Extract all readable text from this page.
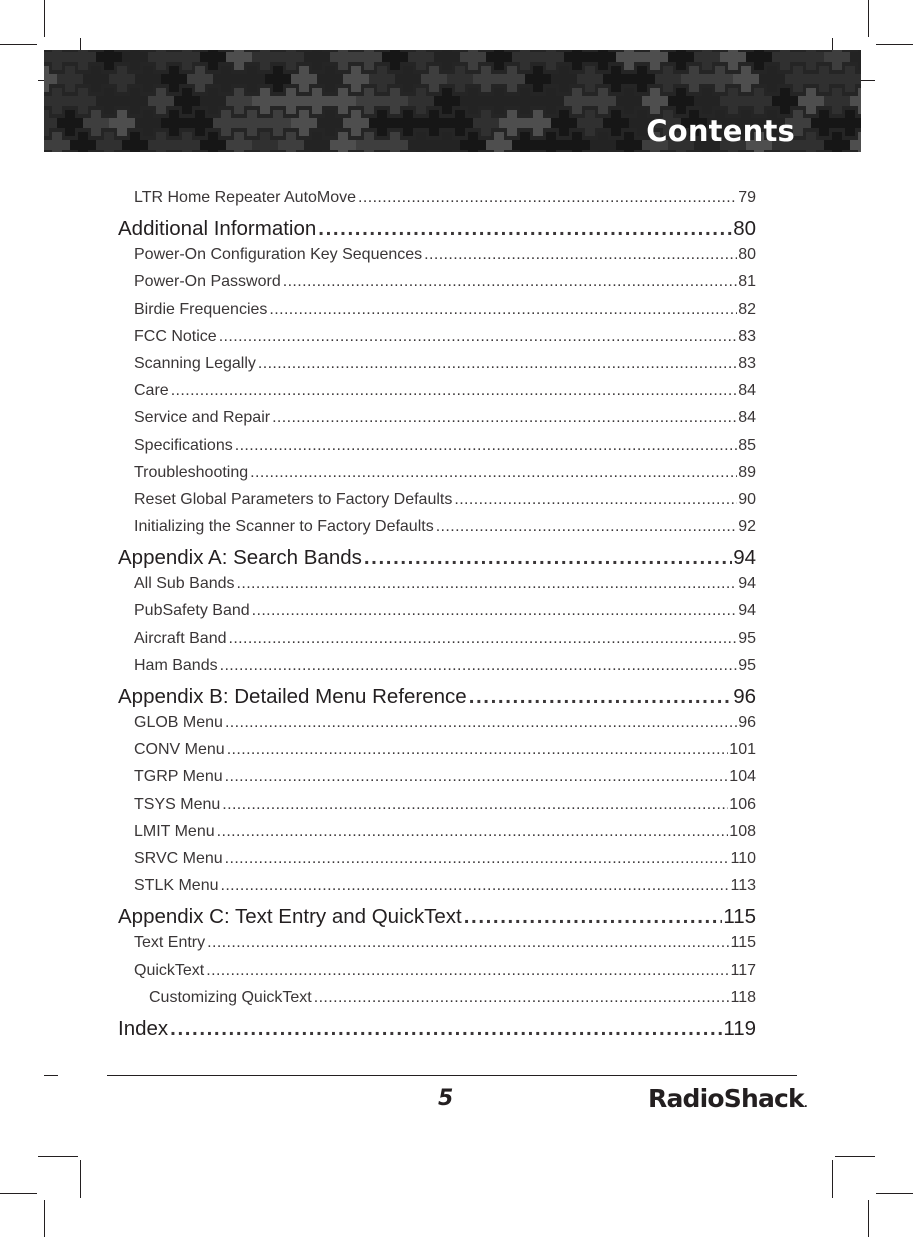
Contents
LTR Home Repeater AutoMove .....	79
Additional Information .....	80
Power-On Configuration Key Sequences .....	80
Power-On Password .....	81
Birdie Frequencies .....	82
FCC Notice .....	83
Scanning Legally .....	83
Care .....	84
Service and Repair .....	84
Specifications .....	85
Troubleshooting .....	89
Reset Global Parameters to Factory Defaults .....	90
Initializing the Scanner to Factory Defaults .....	92
Appendix A: Search Bands .....	94
All Sub Bands .....	94
PubSafety Band .....	94
Aircraft Band .....	95
Ham Bands .....	95
Appendix B: Detailed Menu Reference .....	96
GLOB Menu .....	96
CONV Menu .....	101
TGRP Menu .....	104
TSYS Menu .....	106
LMIT Menu .....	108
SRVC Menu .....	110
STLK Menu .....	113
Appendix C: Text Entry and QuickText .....	115
Text Entry .....	115
QuickText .....	117
Customizing QuickText .....	118
Index .....	119
5	RadioShack.
